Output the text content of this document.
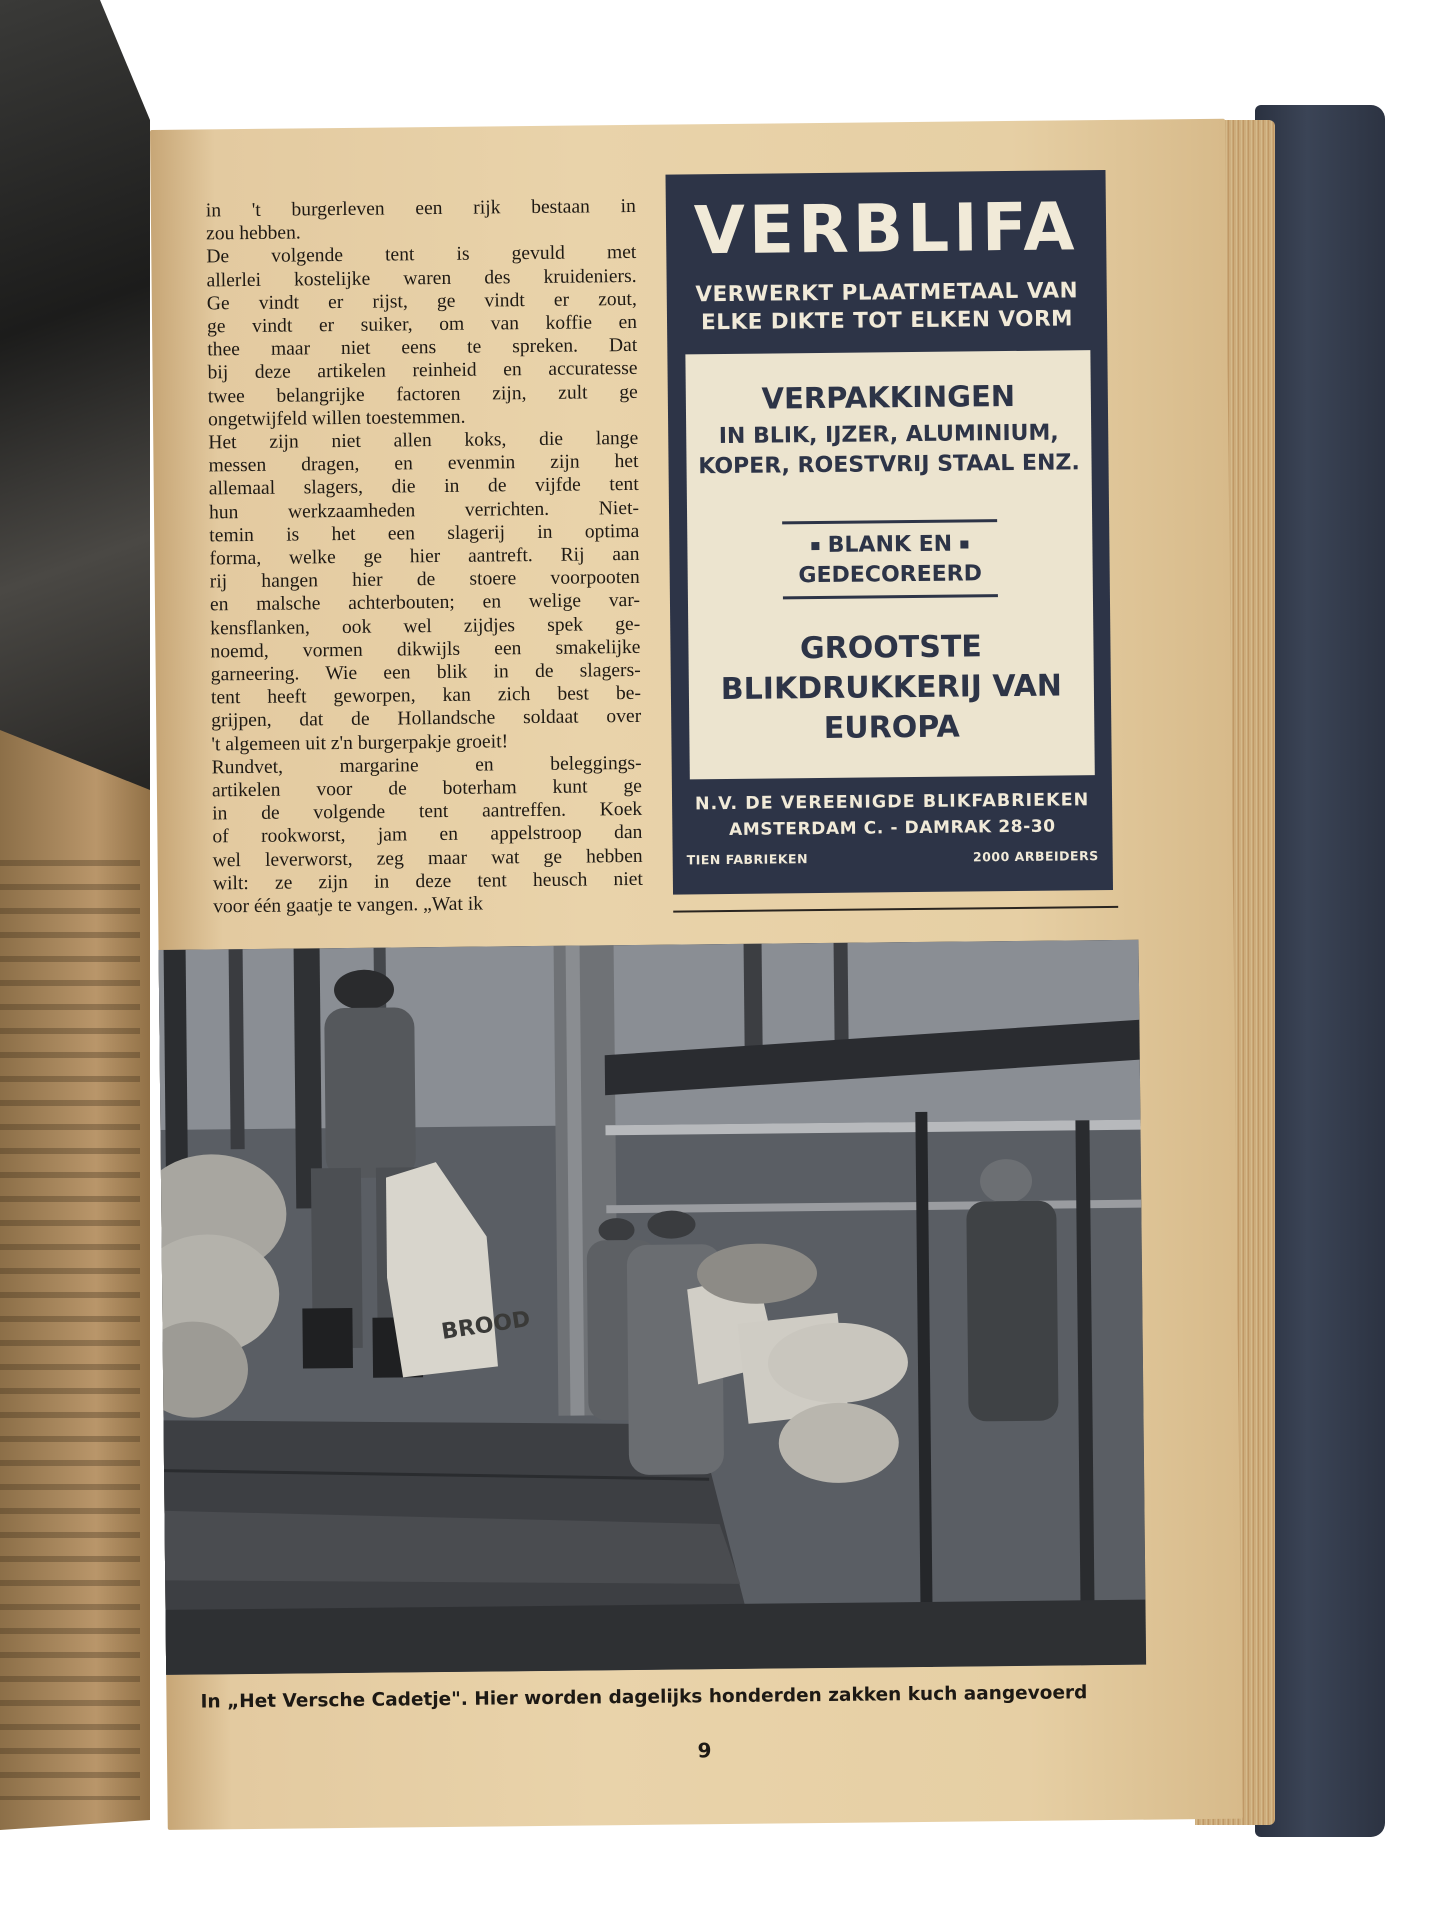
in 't burgerleven een rijk bestaan in
zou hebben.
De volgende tent is gevuld met
allerlei kostelijke waren des kruideniers.
Ge vindt er rijst, ge vindt er zout,
ge vindt er suiker, om van koffie en
thee maar niet eens te spreken. Dat
bij deze artikelen reinheid en accuratesse
twee belangrijke factoren zijn, zult ge
ongetwijfeld willen toestemmen.
Het zijn niet allen koks, die lange
messen dragen, en evenmin zijn het
allemaal slagers, die in de vijfde tent
hun werkzaamheden verrichten. Niet-
temin is het een slagerij in optima
forma, welke ge hier aantreft. Rij aan
rij hangen hier de stoere voorpooten
en malsche achterbouten; en welige var-
kensflanken, ook wel zijdjes spek ge-
noemd, vormen dikwijls een smakelijke
garneering. Wie een blik in de slagers-
tent heeft geworpen, kan zich best be-
grijpen, dat de Hollandsche soldaat over
't algemeen uit z'n burgerpakje groeit!
Rundvet, margarine en beleggings-
artikelen voor de boterham kunt ge
in de volgende tent aantreffen. Koek
of rookworst, jam en appelstroop dan
wel leverworst, zeg maar wat ge hebben
wilt: ze zijn in deze tent heusch niet
voor één gaatje te vangen. „Wat ik
VERBLIFA
VERWERKT PLAATMETAAL VAN
ELKE DIKTE TOT ELKEN VORM
VERPAKKINGEN
IN BLIK, IJZER, ALUMINIUM,
KOPER, ROESTVRIJ STAAL ENZ.
BLANK EN
GEDECOREERD
GROOTSTE
BLIKDRUKKERIJ VAN
EUROPA
N.V. DE VEREENIGDE BLIKFABRIEKEN
AMSTERDAM C. - DAMRAK 28-30
TIEN FABRIEKEN	2000 ARBEIDERS
BROOD
In „Het Versche Cadetje". Hier worden dagelijks honderden zakken kuch aangevoerd
9
